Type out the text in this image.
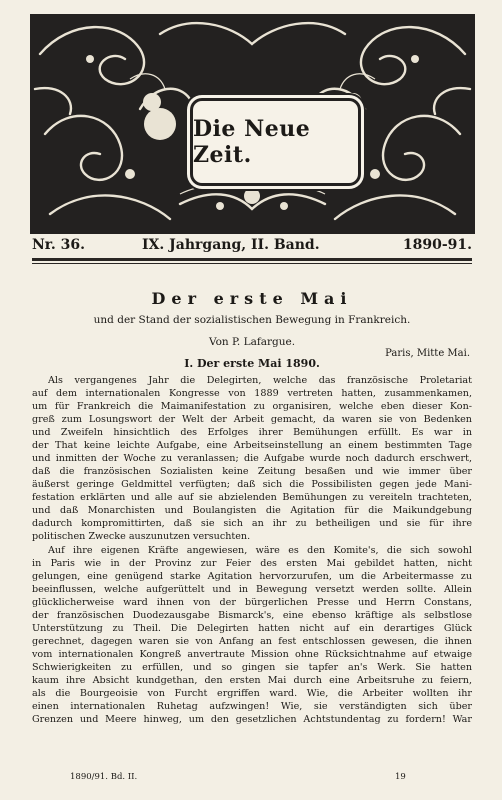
Die Neue Zeit.
Nr. 36.	IX. Jahrgang, II. Band.	1890-91.
Der erste Mai
und der Stand der sozialistischen Bewegung in Frankreich.
Von P. Lafargue.
Paris, Mitte Mai.
I. Der erste Mai 1890.
Als vergangenes Jahr die Delegirten, welche das französische Proletariat
auf dem internationalen Kongresse von 1889 vertreten hatten, zusammenkamen,
um für Frankreich die Maimanifestation zu organisiren, welche eben dieser Kon-
greß zum Losungswort der Welt der Arbeit gemacht, da waren sie von Bedenken
und Zweifeln hinsichtlich des Erfolges ihrer Bemühungen erfüllt. Es war in
der That keine leichte Aufgabe, eine Arbeitseinstellung an einem bestimmten Tage
und inmitten der Woche zu veranlassen; die Aufgabe wurde noch dadurch erschwert,
daß die französischen Sozialisten keine Zeitung besaßen und wie immer über
äußerst geringe Geldmittel verfügten; daß sich die Possibilisten gegen jede Mani-
festation erklärten und alle auf sie abzielenden Bemühungen zu vereiteln trachteten,
und daß Monarchisten und Boulangisten die Agitation für die Maikundgebung
dadurch kompromittirten, daß sie sich an ihr zu betheiligen und sie für ihre
politischen Zwecke auszunutzen versuchten.
Auf ihre eigenen Kräfte angewiesen, wäre es den Komite's, die sich sowohl
in Paris wie in der Provinz zur Feier des ersten Mai gebildet hatten, nicht
gelungen, eine genügend starke Agitation hervorzurufen, um die Arbeitermasse zu
beeinflussen, welche aufgerüttelt und in Bewegung versetzt werden sollte. Allein
glücklicherweise ward ihnen von der bürgerlichen Presse und Herrn Constans,
der französischen Duodezausgabe Bismarck's, eine ebenso kräftige als selbstlose
Unterstützung zu Theil. Die Delegirten hatten nicht auf ein derartiges Glück
gerechnet, dagegen waren sie von Anfang an fest entschlossen gewesen, die ihnen
vom internationalen Kongreß anvertraute Mission ohne Rücksichtnahme auf etwaige
Schwierigkeiten zu erfüllen, und so gingen sie tapfer an's Werk. Sie hatten
kaum ihre Absicht kundgethan, den ersten Mai durch eine Arbeitsruhe zu feiern,
als die Bourgeoisie von Furcht ergriffen ward. Wie, die Arbeiter wollten ihr
einen internationalen Ruhetag aufzwingen! Wie, sie verständigten sich über
Grenzen und Meere hinweg, um den gesetzlichen Achtstundentag zu fordern! War
1890/91. Bd. II.	19
